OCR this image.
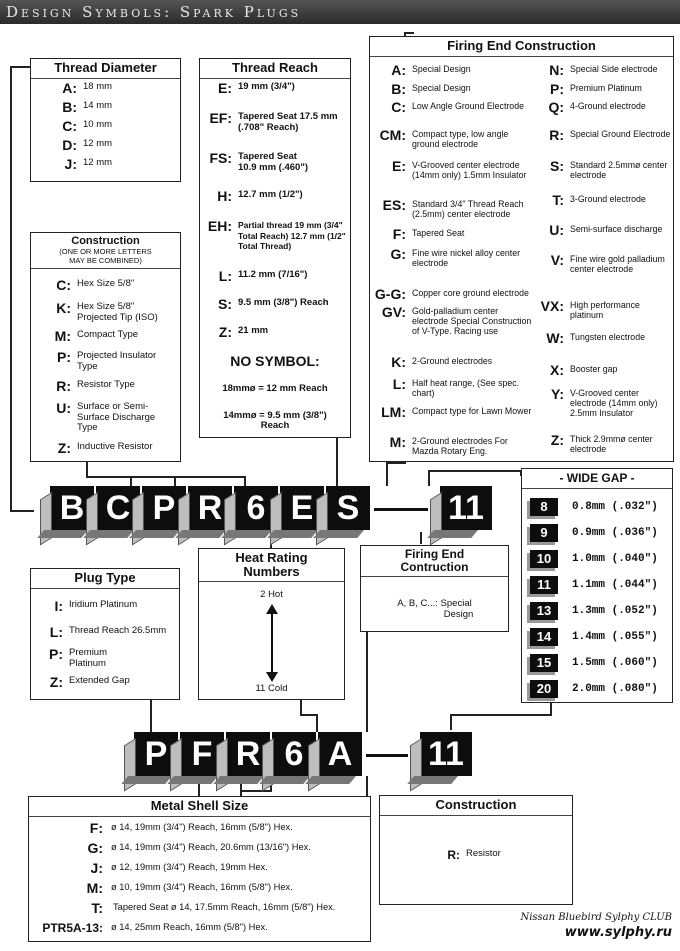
Design Symbols: Spark Plugs
Thread Diameter
A: 18 mm
B: 14 mm
C: 10 mm
D: 12 mm
J: 12 mm
Construction
(ONE OR MORE LETTERS
MAY BE COMBINED)
C: Hex Size 5/8"
K: Hex Size 5/8" Projected Tip (ISO)
M: Compact Type
P: Projected Insulator Type
R: Resistor Type
U: Surface or Semi-Surface Discharge Type
Z: Inductive Resistor
Thread Reach
E: 19 mm (3/4")
EF: Tapered Seat 17.5 mm (.708" Reach)
FS: Tapered Seat 10.9 mm (.460")
H: 12.7 mm (1/2")
EH: Partial thread 19 mm (3/4" Total Reach) 12.7 mm (1/2" Total Thread)
L: 11.2 mm (7/16")
S: 9.5 mm (3/8") Reach
Z: 21 mm
NO SYMBOL:
18mmø = 12 mm Reach
14mmø = 9.5 mm (3/8")
Reach
Firing End Construction
A: Special Design
B: Special Design
C: Low Angle Ground Electrode
CM: Compact type, low angle ground electrode
E: V-Grooved center electrode (14mm only) 1.5mm Insulator
ES: Standard 3/4" Thread Reach (2.5mm) center electrode
F: Tapered Seat
G: Fine wire nickel alloy center electrode
G-G: Copper core ground electrode
GV: Gold-palladium center electrode Special Construction of V-Type. Racing use
K: 2-Ground electrodes
L: Half heat range, (See spec. chart)
LM: Compact type for Lawn Mower
M: 2-Ground electrodes For Mazda Rotary Eng.
N: Special Side electrode
P: Premium Platinum
Q: 4-Ground electrode
R: Special Ground Electrode
S: Standard 2.5mmø center electrode
T: 3-Ground electrode
U: Semi-surface discharge
V: Fine wire gold palladium center electrode
VX: High performance platinum
W: Tungsten electrode
X: Booster gap
Y: V-Grooved center electrode (14mm only) 2.5mm Insulator
Z: Thick 2.9mmø center electrode
B C P R 6 E S	11
- WIDE GAP -
8	0.8mm (.032")
9	0.9mm (.036")
10	1.0mm (.040")
11	1.1mm (.044")
13	1.3mm (.052")
14	1.4mm (.055")
15	1.5mm (.060")
20	2.0mm (.080")
Heat Rating
Numbers
2 Hot
11 Cold
Firing End
Contruction
A, B, C...: Special
Design
Plug Type
I: Iridium Platinum
L: Thread Reach 26.5mm
P: Premium Platinum
Z: Extended Gap
P F R 6 A 11
Metal Shell Size
F: ø 14, 19mm (3/4") Reach, 16mm (5/8") Hex.
G: ø 14, 19mm (3/4") Reach, 20.6mm (13/16") Hex.
J: ø 12, 19mm (3/4") Reach, 19mm Hex.
M: ø 10, 19mm (3/4") Reach, 16mm (5/8") Hex.
T: Tapered Seat ø 14, 17.5mm Reach, 16mm (5/8") Hex.
PTR5A-13: ø 14, 25mm Reach, 16mm (5/8") Hex.
Construction
R: Resistor
Nissan Bluebird Sylphy CLUB
www.sylphy.ru
